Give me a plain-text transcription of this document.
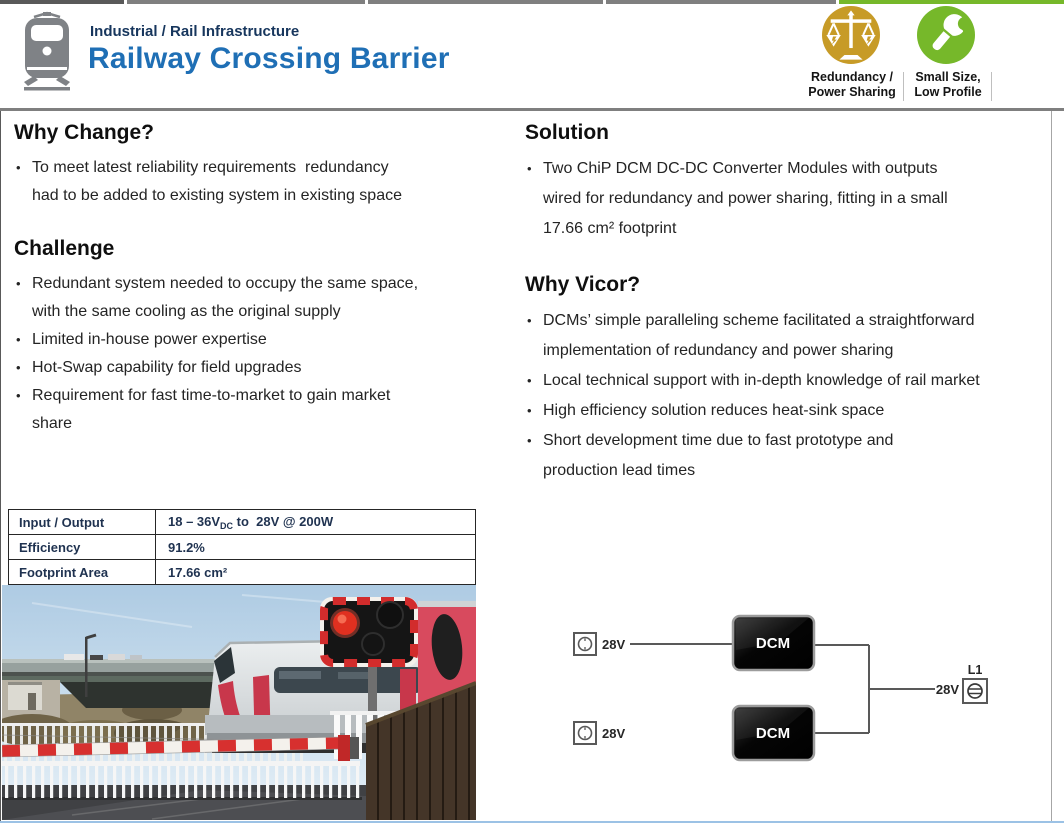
Industrial / Rail Infrastructure
Railway Crossing Barrier
Redundancy /
Power Sharing
Small Size,
Low Profile
Why Change?
• To meet latest reliability requirements  redundancy
had to be added to existing system in existing space
Challenge
• Redundant system needed to occupy the same space,
with the same cooling as the original supply
• Limited in-house power expertise
• Hot-Swap capability for field upgrades
• Requirement for fast time-to-market to gain market
share
Solution
• Two ChiP DCM DC-DC Converter Modules with outputs
wired for redundancy and power sharing, fitting in a small
17.66 cm² footprint
Why Vicor?
• DCMs’ simple paralleling scheme facilitated a straightforward
implementation of redundancy and power sharing
• Local technical support with in-depth knowledge of rail market
• High efficiency solution reduces heat-sink space
• Short development time due to fast prototype and
production lead times
Input / Output	$18 - 36V_{DC}$ to  28V @ 200W
Efficiency	91.2%
Footprint Area	17.66 cm²
28V
28V
DCM
DCM
28V
L1
